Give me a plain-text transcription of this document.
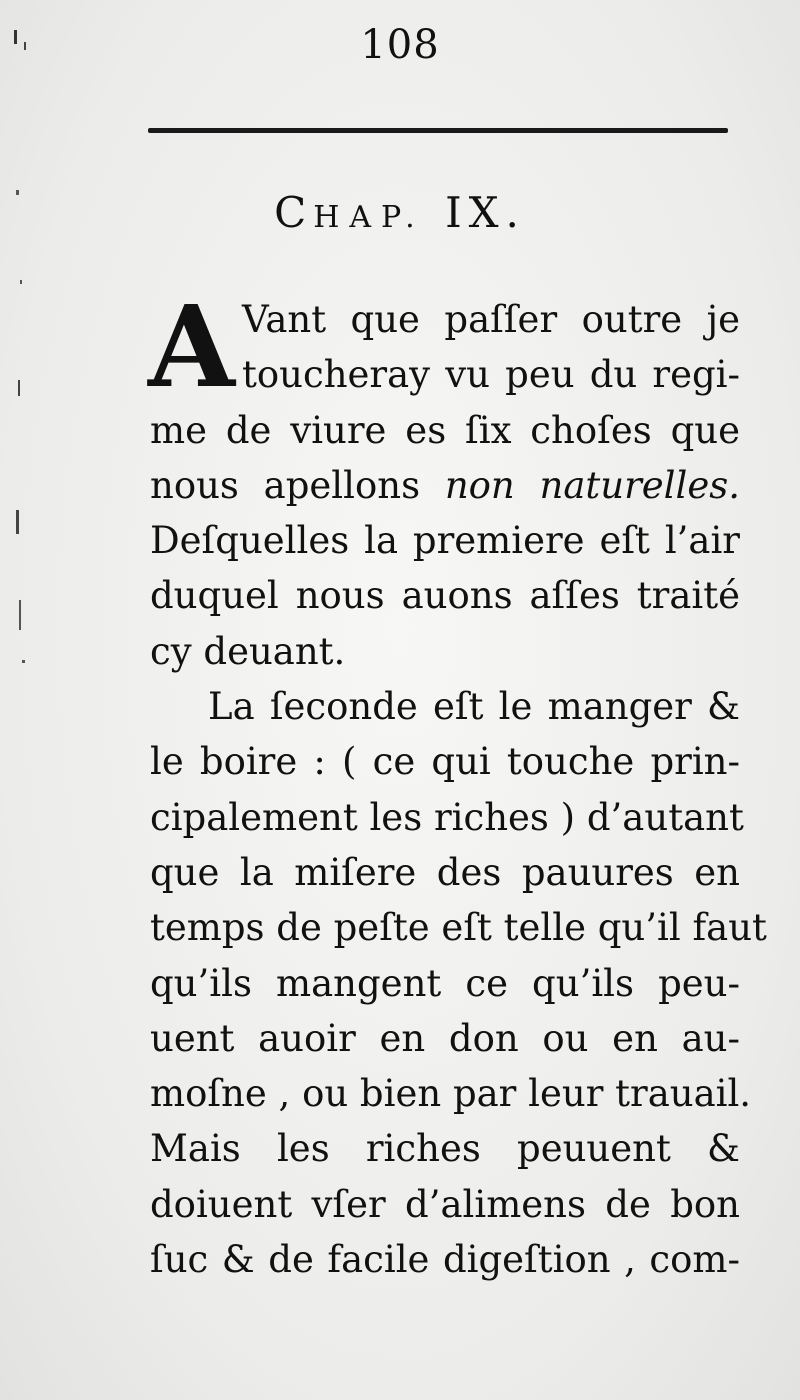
108
CHAP. IX.
A Vant que paſſer outre je
toucheray vu peu du regi-
me de viure es ſix choſes que
nous apellons non naturelles.
Deſquelles la premiere eſt l’air
duquel nous auons aſſes traité
cy deuant.
La ſeconde eſt le manger &
le boire : ( ce qui touche prin-
cipalement les riches ) d’autant
que la miſere des pauures en
temps de peſte eſt telle qu’il faut
qu’ils mangent ce qu’ils peu-
uent auoir en don ou en au-
moſne , ou bien par leur trauail.
Mais les riches peuuent &
doiuent vſer d’alimens de bon
ſuc & de facile digeſtion , com-
